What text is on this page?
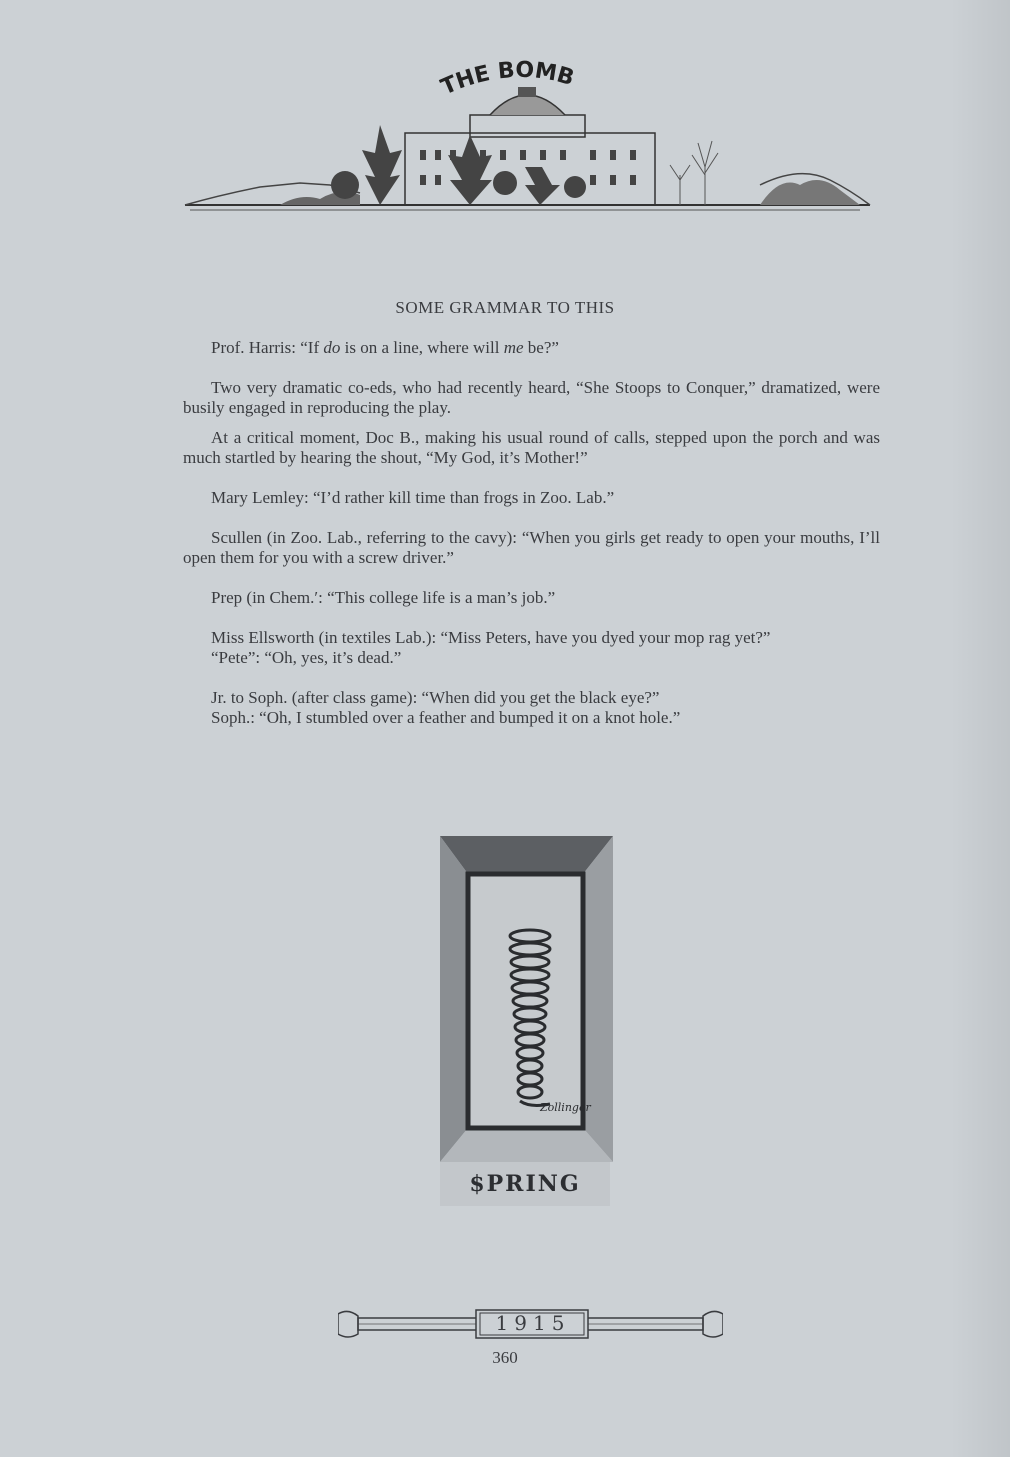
THE BOMB
SOME GRAMMAR TO THIS

Prof. Harris: “If do is on a line, where will me be?”

Two very dramatic co-eds, who had recently heard, “She Stoops to Conquer,” dramatized, were busily engaged in reproducing the play.

At a critical moment, Doc B., making his usual round of calls, stepped upon the porch and was much startled by hearing the shout, “My God, it’s Mother!”

Mary Lemley: “I’d rather kill time than frogs in Zoo. Lab.”

Scullen (in Zoo. Lab., referring to the cavy): “When you girls get ready to open your mouths, I’ll open them for you with a screw driver.”

Prep (in Chem.′: “This college life is a man’s job.”

Miss Ellsworth (in textiles Lab.): “Miss Peters, have you dyed your mop rag yet?”

“Pete”: “Oh, yes, it’s dead.”

Jr. to Soph. (after class game): “When did you get the black eye?”

Soph.: “Oh, I stumbled over a feather and bumped it on a knot hole.”

Zollinger
$PRING
1915
360
